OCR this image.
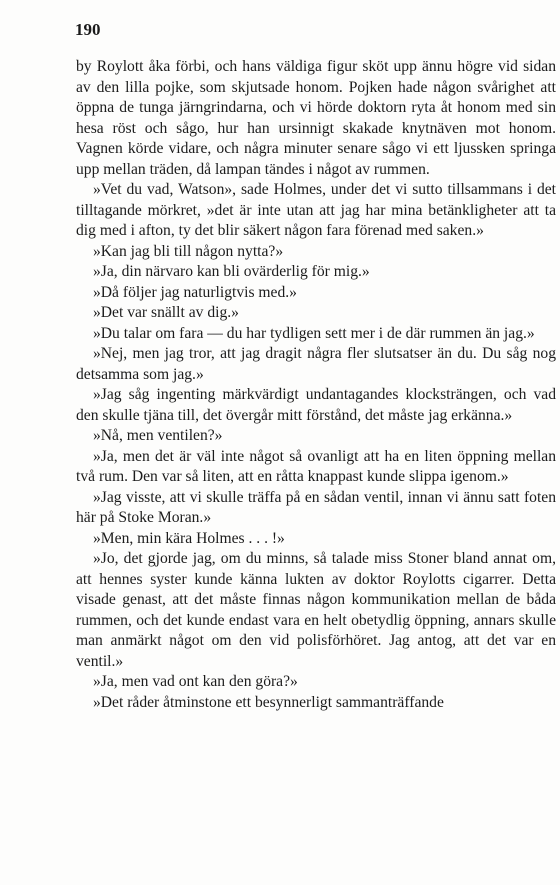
190

by Roylott åka förbi, och hans väldiga figur sköt upp ännu högre vid sidan av den lilla pojke, som skjutsade honom. Pojken hade någon svårighet att öppna de tunga järngrindarna, och vi hörde doktorn ryta åt honom med sin hesa röst och sågo, hur han ursinnigt skakade knytnäven mot honom. Vagnen körde vidare, och några minuter senare sågo vi ett ljussken springa upp mellan träden, då lampan tändes i något av rummen.

»Vet du vad, Watson», sade Holmes, under det vi sutto tillsammans i det tilltagande mörkret, »det är inte utan att jag har mina betänkligheter att ta dig med i afton, ty det blir säkert någon fara förenad med saken.»

»Kan jag bli till någon nytta?»

»Ja, din närvaro kan bli ovärderlig för mig.»

»Då följer jag naturligtvis med.»

»Det var snällt av dig.»

»Du talar om fara — du har tydligen sett mer i de där rummen än jag.»

»Nej, men jag tror, att jag dragit några fler slutsatser än du. Du såg nog detsamma som jag.»

»Jag såg ingenting märkvärdigt undantagandes klocksträngen, och vad den skulle tjäna till, det övergår mitt förstånd, det måste jag erkänna.»

»Nå, men ventilen?»

»Ja, men det är väl inte något så ovanligt att ha en liten öppning mellan två rum. Den var så liten, att en råtta knappast kunde slippa igenom.»

»Jag visste, att vi skulle träffa på en sådan ventil, innan vi ännu satt foten här på Stoke Moran.»

»Men, min kära Holmes . . . !»

»Jo, det gjorde jag, om du minns, så talade miss Stoner bland annat om, att hennes syster kunde känna lukten av doktor Roylotts cigarrer. Detta visade genast, att det måste finnas någon kommunikation mellan de båda rummen, och det kunde endast vara en helt obetydlig öppning, annars skulle man anmärkt något om den vid polisförhöret. Jag antog, att det var en ventil.»

»Ja, men vad ont kan den göra?»

»Det råder åtminstone ett besynnerligt sammanträffande
